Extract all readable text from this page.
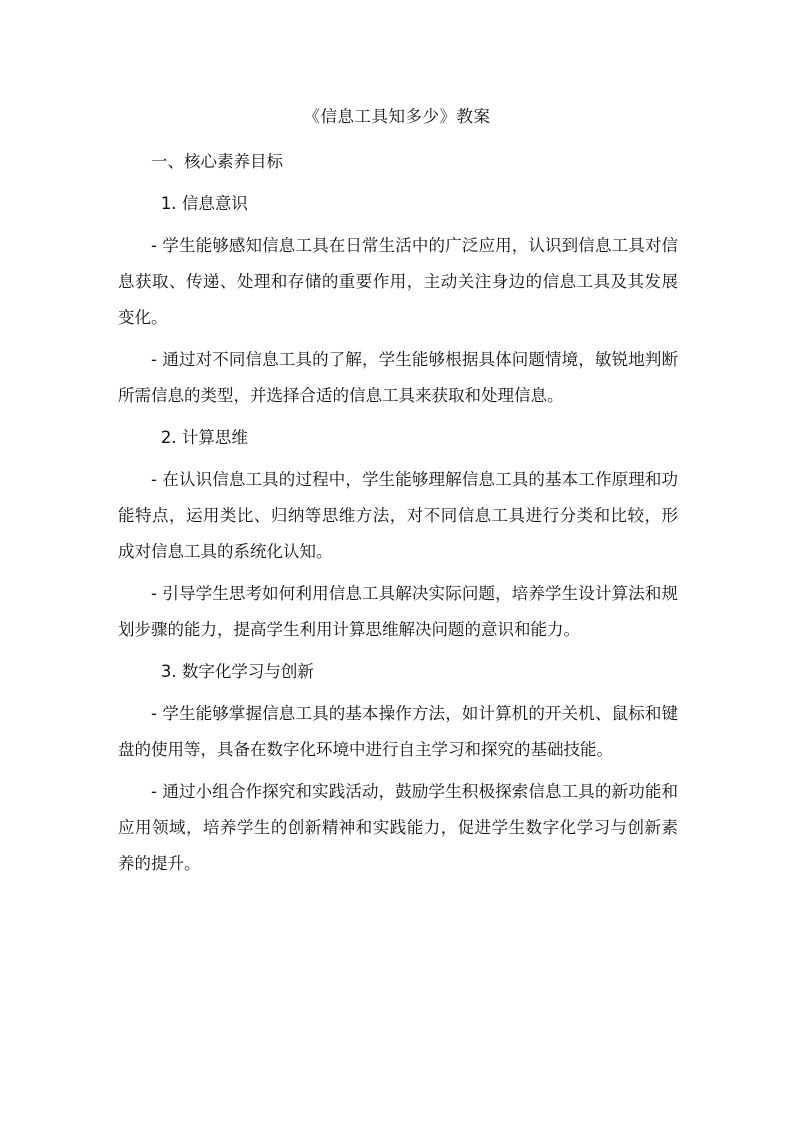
《信息工具知多少》教案
一、核心素养目标
1. 信息意识
- 学生能够感知信息工具在日常生活中的广泛应用，认识到信息工具对信息获取、传递、处理和存储的重要作用，主动关注身边的信息工具及其发展变化。
- 通过对不同信息工具的了解，学生能够根据具体问题情境，敏锐地判断所需信息的类型，并选择合适的信息工具来获取和处理信息。
2. 计算思维
- 在认识信息工具的过程中，学生能够理解信息工具的基本工作原理和功能特点，运用类比、归纳等思维方法，对不同信息工具进行分类和比较，形成对信息工具的系统化认知。
- 引导学生思考如何利用信息工具解决实际问题，培养学生设计算法和规划步骤的能力，提高学生利用计算思维解决问题的意识和能力。
3. 数字化学习与创新
- 学生能够掌握信息工具的基本操作方法，如计算机的开关机、鼠标和键盘的使用等，具备在数字化环境中进行自主学习和探究的基础技能。
- 通过小组合作探究和实践活动，鼓励学生积极探索信息工具的新功能和应用领域，培养学生的创新精神和实践能力，促进学生数字化学习与创新素养的提升。
